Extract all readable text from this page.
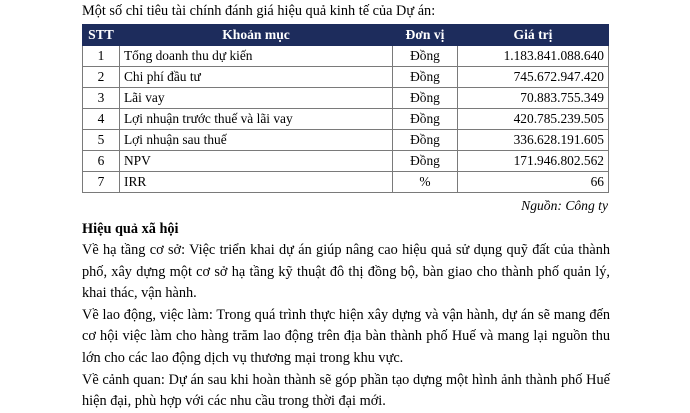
Một số chỉ tiêu tài chính đánh giá hiệu quả kinh tế của Dự án:
STT	Khoản mục	Đơn vị	Giá trị
1	Tổng doanh thu dự kiến	Đồng	1.183.841.088.640
2	Chi phí đầu tư	Đồng	745.672.947.420
3	Lãi vay	Đồng	70.883.755.349
4	Lợi nhuận trước thuế và lãi vay	Đồng	420.785.239.505
5	Lợi nhuận sau thuế	Đồng	336.628.191.605
6	NPV	Đồng	171.946.802.562
7	IRR	%	66
Nguồn: Công ty
Hiệu quả xã hội

Về hạ tầng cơ sở: Việc triển khai dự án giúp nâng cao hiệu quả sử dụng quỹ đất của thành phố, xây dựng một cơ sở hạ tầng kỹ thuật đô thị đồng bộ, bàn giao cho thành phố quản lý, khai thác, vận hành.

Về lao động, việc làm: Trong quá trình thực hiện xây dựng và vận hành, dự án sẽ mang đến cơ hội việc làm cho hàng trăm lao động trên địa bàn thành phố Huế và mang lại nguồn thu lớn cho các lao động dịch vụ thương mại trong khu vực.

Về cảnh quan: Dự án sau khi hoàn thành sẽ góp phần tạo dựng một hình ảnh thành phố Huế hiện đại, phù hợp với các nhu cầu trong thời đại mới.
